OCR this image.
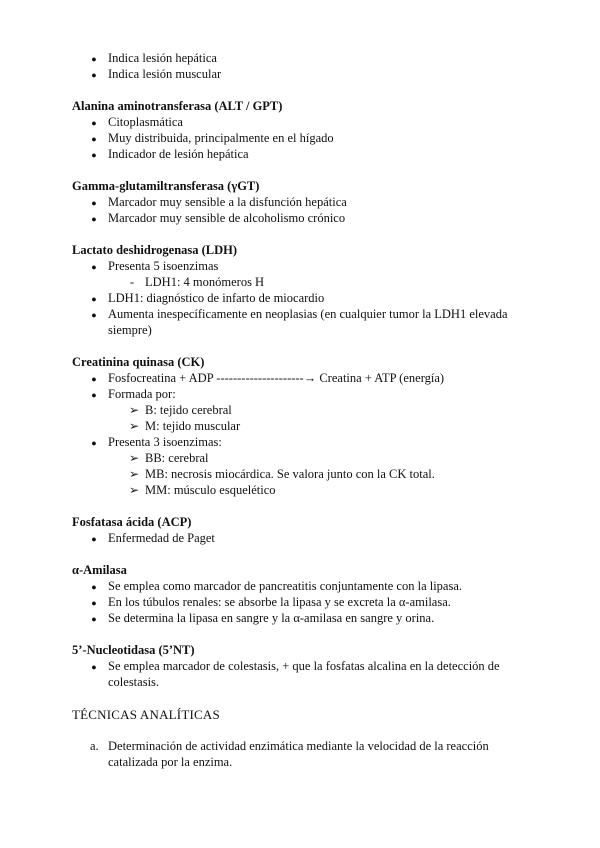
● Indica lesión hepática
● Indica lesión muscular
Alanina aminotransferasa (ALT / GPT)
● Citoplasmática
● Muy distribuida, principalmente en el hígado
● Indicador de lesión hepática
Gamma-glutamiltransferasa (γGT)
● Marcador muy sensible a la disfunción hepática
● Marcador muy sensible de alcoholismo crónico
Lactato deshidrogenasa (LDH)
● Presenta 5 isoenzimas
- LDH1: 4 monómeros H
● LDH1: diagnóstico de infarto de miocardio
● Aumenta inespecíficamente en neoplasias (en cualquier tumor la LDH1 elevada
siempre)
Creatinina quinasa (CK)
● Fosfocreatina + ADP ---------------------→ Creatina + ATP (energía)
● Formada por:
➢ B: tejido cerebral
➢ M: tejido muscular
● Presenta 3 isoenzimas:
➢ BB: cerebral
➢ MB: necrosis miocárdica. Se valora junto con la CK total.
➢ MM: músculo esquelético
Fosfatasa ácida (ACP)
● Enfermedad de Paget
α-Amilasa
● Se emplea como marcador de pancreatitis conjuntamente con la lipasa.
● En los túbulos renales: se absorbe la lipasa y se excreta la α-amilasa.
● Se determina la lipasa en sangre y la α-amilasa en sangre y orina.
5’-Nucleotidasa (5’NT)
● Se emplea marcador de colestasis, + que la fosfatas alcalina en la detección de
colestasis.
TÉCNICAS ANALÍTICAS
a. Determinación de actividad enzimática mediante la velocidad de la reacción
catalizada por la enzima.
